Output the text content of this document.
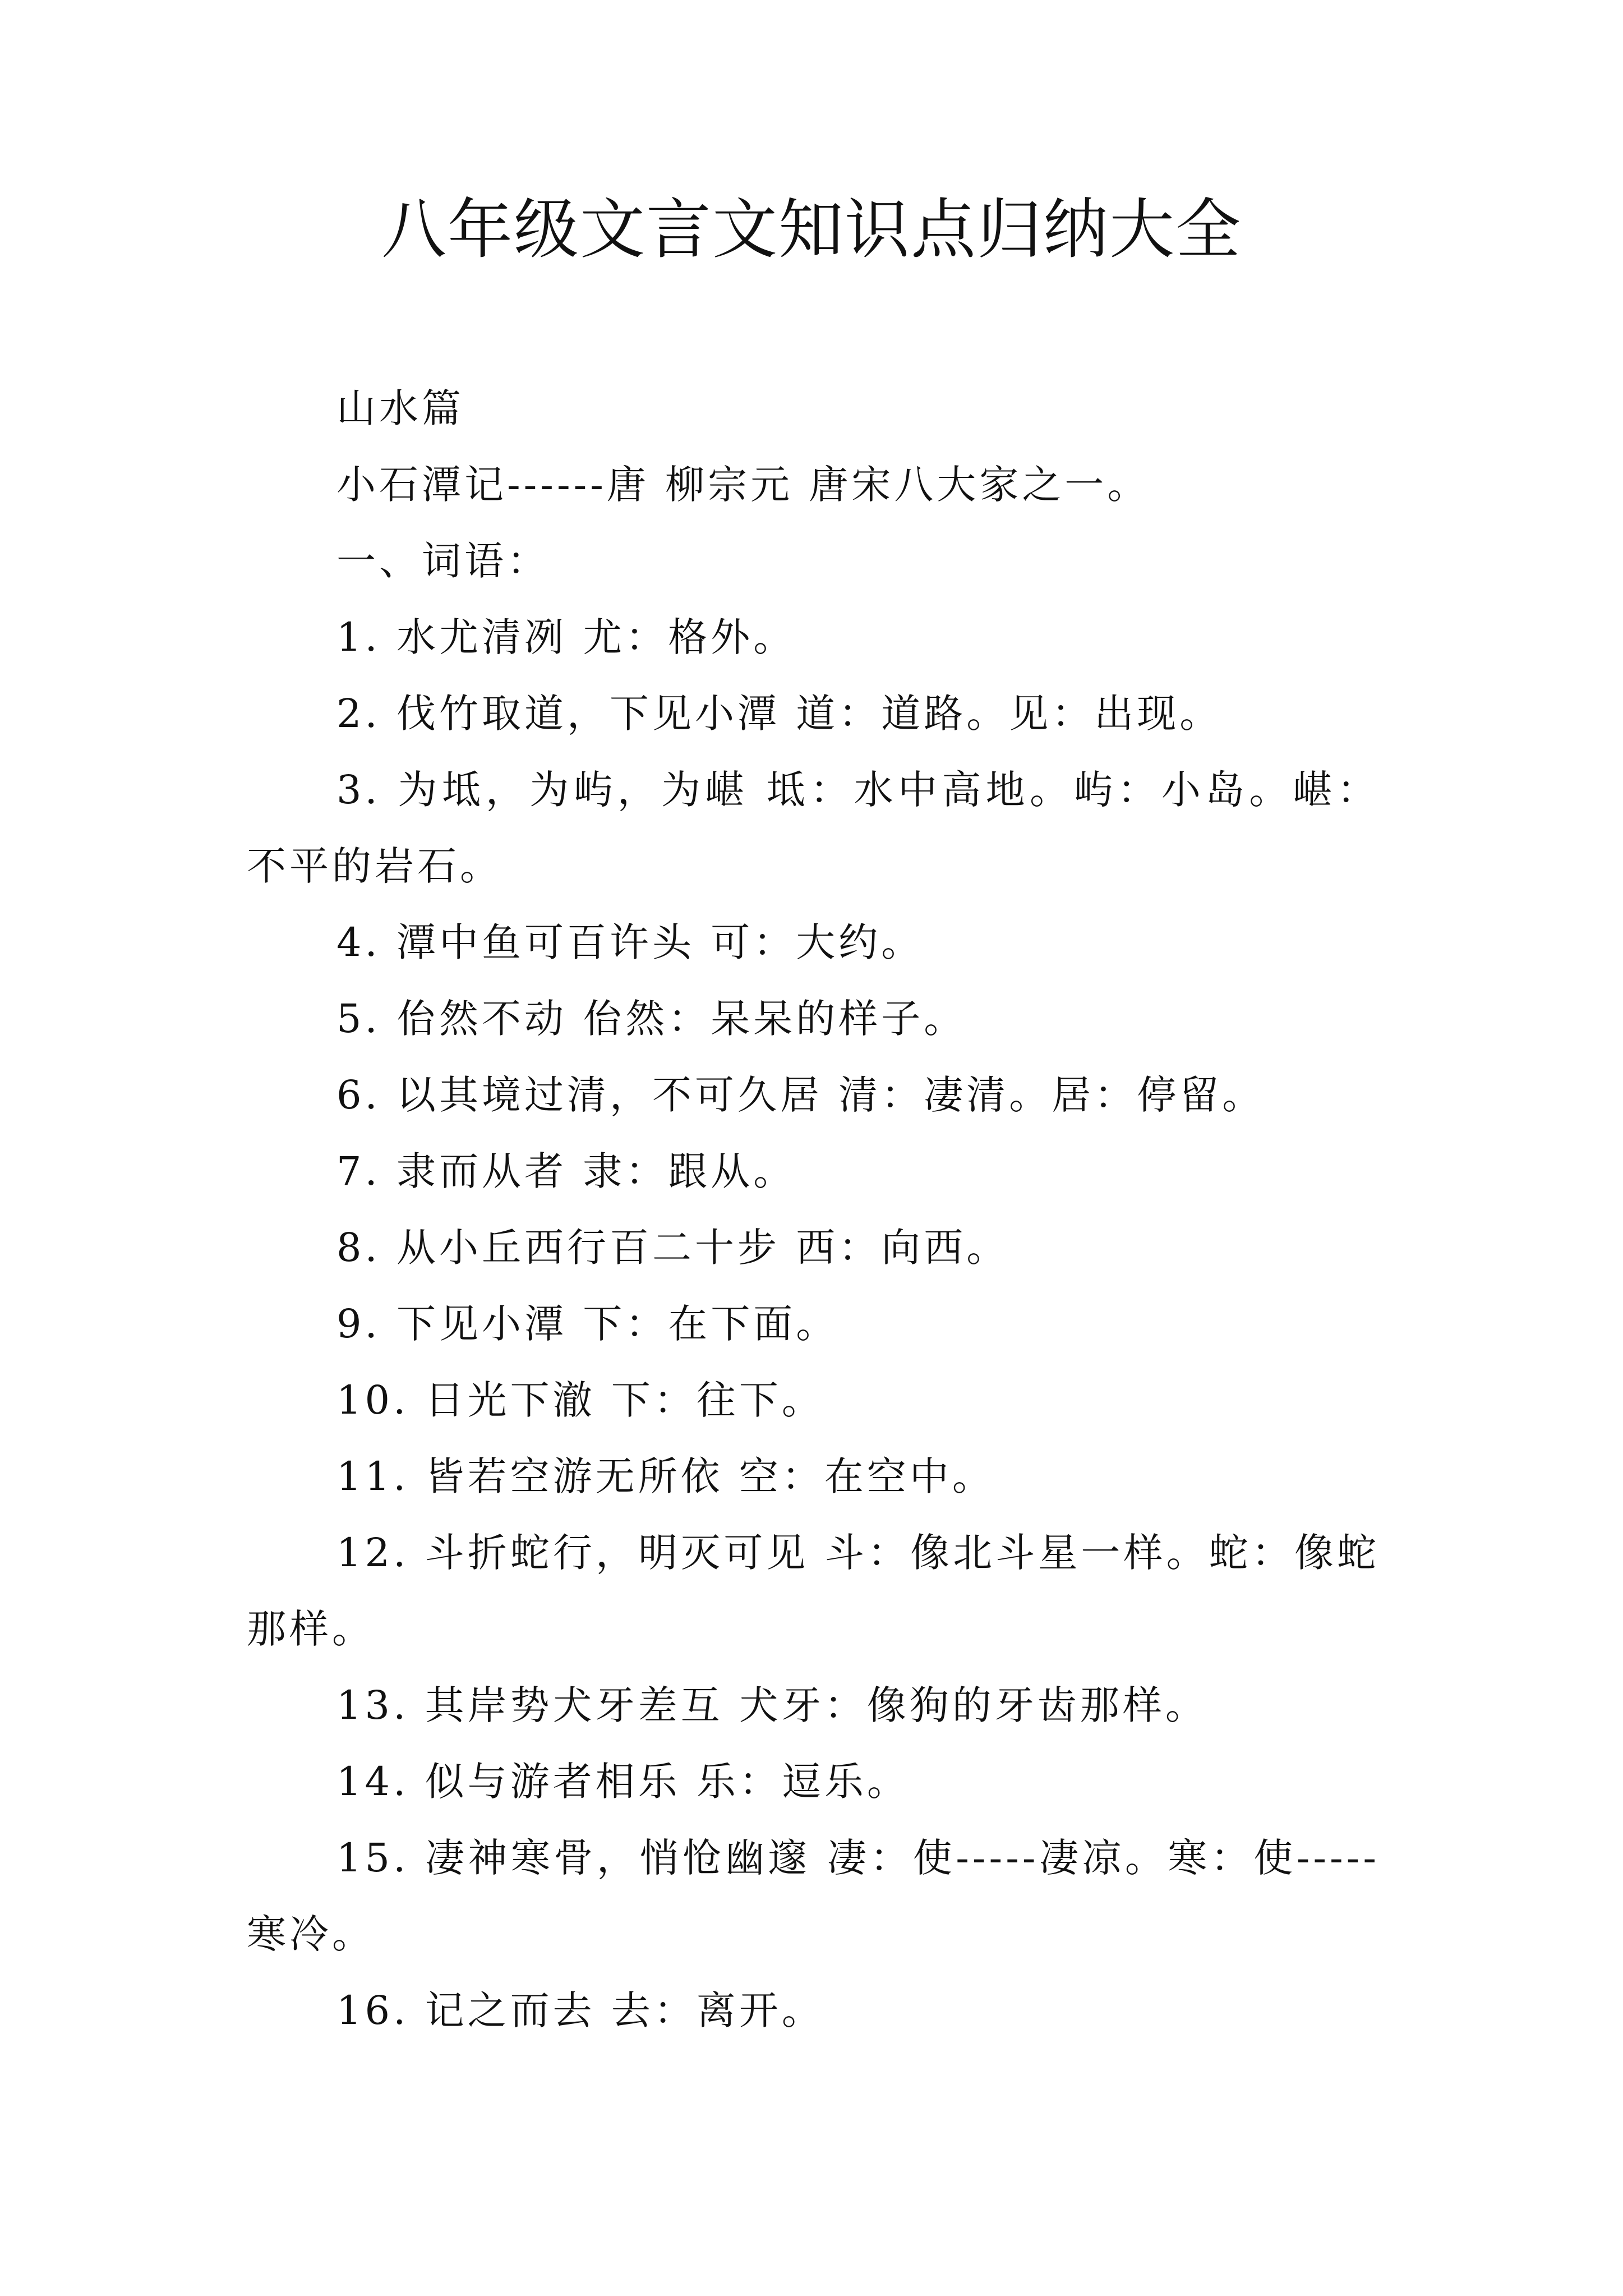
八年级文言文知识点归纳大全

山水篇

小石潭记------唐 柳宗元 唐宋八大家之一。

一、词语：

1. 水尤清冽 尤：格外。

2. 伐竹取道，下见小潭 道：道路。见：出现。

3. 为坻，为屿，为嵁 坻：水中高地。屿：小岛。嵁：不平的岩石。

4. 潭中鱼可百许头 可：大约。

5. 佁然不动 佁然：呆呆的样子。

6. 以其境过清，不可久居 清：凄清。居：停留。

7. 隶而从者 隶：跟从。

8. 从小丘西行百二十步 西：向西。

9. 下见小潭 下：在下面。

10. 日光下澈 下：往下。

11. 皆若空游无所依 空：在空中。

12. 斗折蛇行，明灭可见 斗：像北斗星一样。蛇：像蛇那样。

13. 其岸势犬牙差互 犬牙：像狗的牙齿那样。

14. 似与游者相乐 乐：逗乐。

15. 凄神寒骨，悄怆幽邃 凄：使-----凄凉。寒：使-----寒冷。

16. 记之而去 去：离开。
